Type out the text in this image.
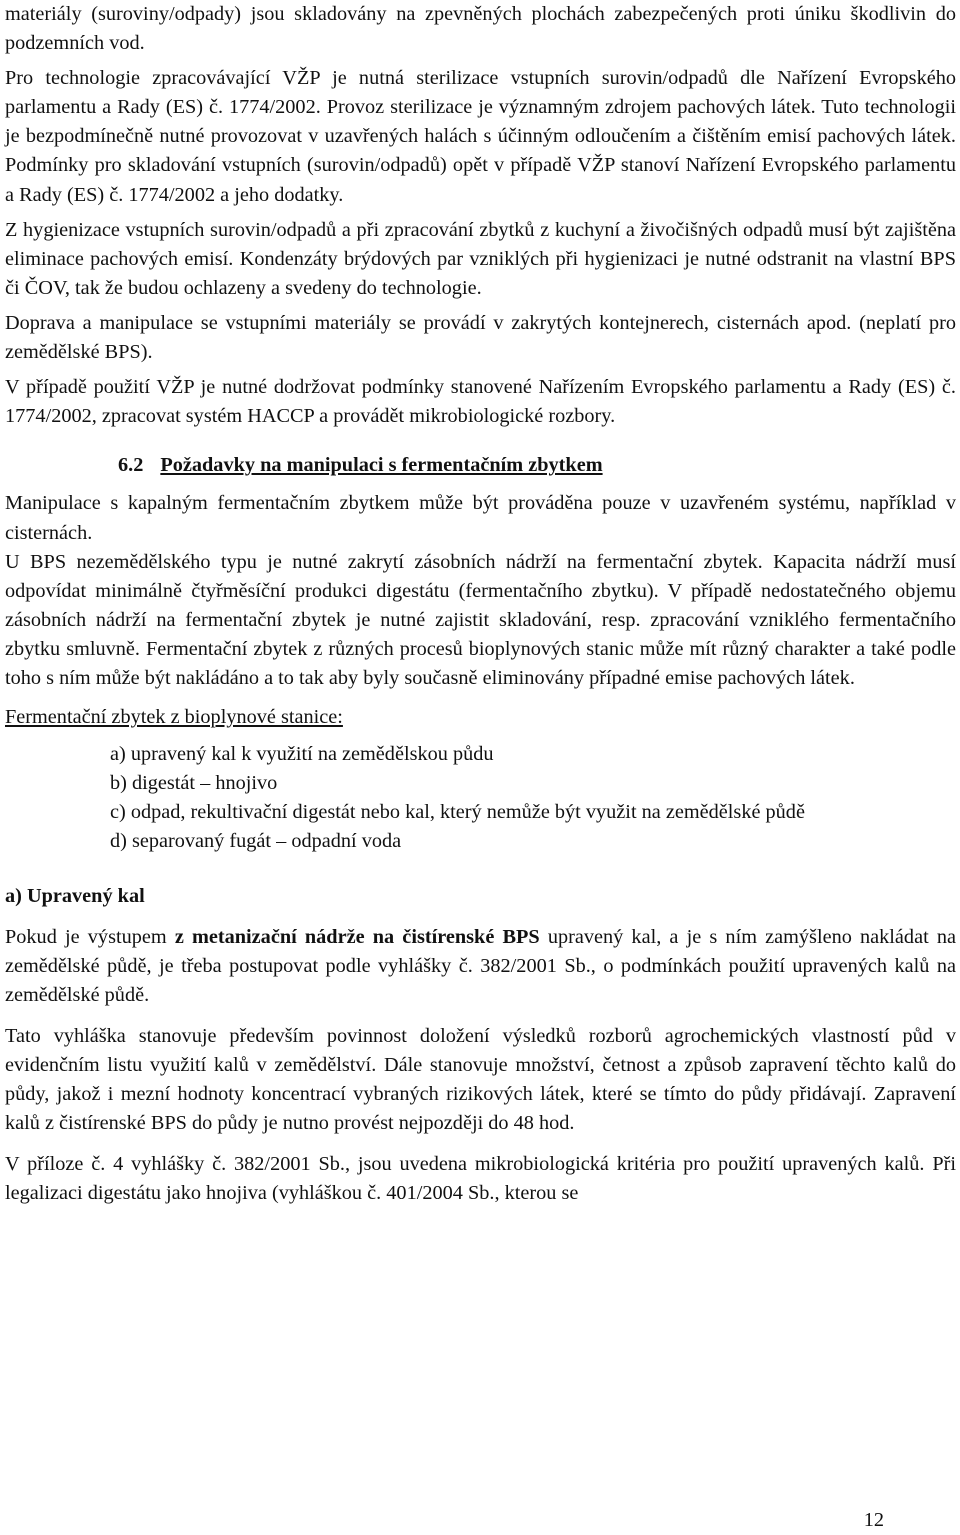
materiály (suroviny/odpady) jsou skladovány na zpevněných plochách zabezpečených proti úniku škodlivin do podzemních vod.

Pro technologie zpracovávající VŽP je nutná sterilizace vstupních surovin/odpadů dle Nařízení Evropského parlamentu a Rady (ES) č. 1774/2002. Provoz sterilizace je významným zdrojem pachových látek. Tuto technologii je bezpodmínečně nutné provozovat v uzavřených halách s účinným odloučením a čištěním emisí pachových látek. Podmínky pro skladování vstupních (surovin/odpadů) opět v případě VŽP stanoví Nařízení Evropského parlamentu a Rady (ES) č. 1774/2002 a jeho dodatky.

Z hygienizace vstupních surovin/odpadů a při zpracování zbytků z kuchyní a živočišných odpadů musí být zajištěna eliminace pachových emisí. Kondenzáty brýdových par vzniklých při hygienizaci je nutné odstranit na vlastní BPS či ČOV, tak že budou ochlazeny a svedeny do technologie.

Doprava a manipulace se vstupními materiály se provádí v zakrytých kontejnerech, cisternách apod. (neplatí pro zemědělské BPS).

V případě použití VŽP je nutné dodržovat podmínky stanovené Nařízením Evropského parlamentu a Rady (ES) č. 1774/2002, zpracovat systém HACCP a provádět mikrobiologické rozbory.

6.2 Požadavky na manipulaci s fermentačním zbytkem

Manipulace s kapalným fermentačním zbytkem může být prováděna pouze v uzavřeném systému, například v cisternách.

U BPS nezemědělského typu je nutné zakrytí zásobních nádrží na fermentační zbytek. Kapacita nádrží musí odpovídat minimálně čtyřměsíční produkci digestátu (fermentačního zbytku). V případě nedostatečného objemu zásobních nádrží na fermentační zbytek je nutné zajistit skladování, resp. zpracování vzniklého fermentačního zbytku smluvně. Fermentační zbytek z různých procesů bioplynových stanic může mít různý charakter a také podle toho s ním může být nakládáno a to tak aby byly současně eliminovány případné emise pachových látek.

Fermentační zbytek z bioplynové stanice:

a) upravený kal k využití na zemědělskou půdu

b) digestát – hnojivo

c) odpad, rekultivační digestát nebo kal, který nemůže být využit na zemědělské půdě

d) separovaný fugát – odpadní voda

a) Upravený kal

Pokud je výstupem z metanizační nádrže na čistírenské BPS upravený kal, a je s ním zamýšleno nakládat na zemědělské půdě, je třeba postupovat podle vyhlášky č. 382/2001 Sb., o podmínkách použití upravených kalů na zemědělské půdě.

Tato vyhláška stanovuje především povinnost doložení výsledků rozborů agrochemických vlastností půd v evidenčním listu využití kalů v zemědělství. Dále stanovuje množství, četnost a způsob zapravení těchto kalů do půdy, jakož i mezní hodnoty koncentrací vybraných rizikových látek, které se tímto do půdy přidávají. Zapravení kalů z čistírenské BPS do půdy je nutno provést nejpozději do 48 hod.

V příloze č. 4 vyhlášky č. 382/2001 Sb., jsou uvedena mikrobiologická kritéria pro použití upravených kalů. Při legalizaci digestátu jako hnojiva (vyhláškou č. 401/2004 Sb., kterou se

12
